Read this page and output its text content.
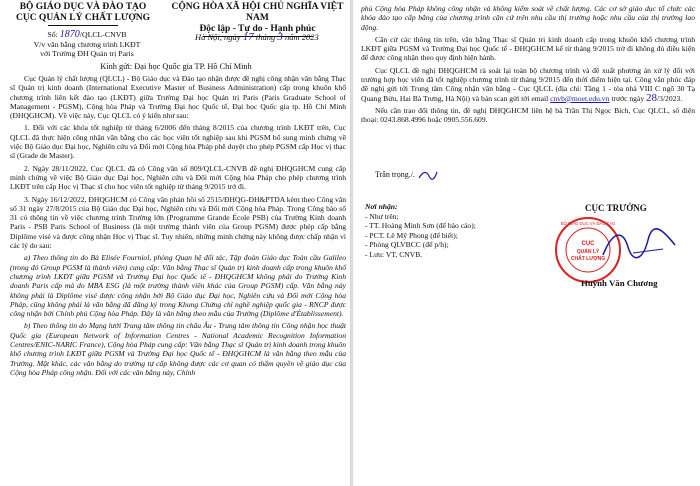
BỘ GIÁO DỤC VÀ ĐÀO TẠO
CỤC QUẢN LÝ CHẤT LƯỢNG
CỘNG HÒA XÃ HỘI CHỦ NGHĨA VIỆT NAM
Độc lập - Tự do - Hạnh phúc
Số: 1870/QLCL-CNVB
V/v văn bằng chương trình LKĐT
với Trường ĐH Quản trị Paris
Hà Nội, ngày 17 tháng 3 năm 2023
Kính gửi: Đại học Quốc gia TP. Hồ Chí Minh

Cục Quản lý chất lượng (QLCL) - Bộ Giáo dục và Đào tạo nhận được đề nghị công nhận văn bằng Thạc sĩ Quản trị kinh doanh (International Executive Master of Business Administration) cấp trong khuôn khổ chương trình liên kết đào tạo (LKĐT) giữa Trường Đại học Quản trị Paris (Paris Graduate School of Management - PGSM), Cộng hòa Pháp và Trường Đại học Quốc tế, Đại học Quốc gia tp. Hồ Chí Minh (ĐHQGHCM). Về việc này, Cục QLCL có ý kiến như sau:

1. Đối với các khóa tốt nghiệp từ tháng 6/2006 đến tháng 8/2015 của chương trình LKĐT trên, Cục QLCL đã thực hiện công nhận văn bằng cho các học viên tốt nghiệp sau khi PGSM bổ sung minh chứng về việc Bộ Giáo dục Đại học, Nghiên cứu và Đổi mới Cộng hòa Pháp phê duyệt cho phép PGSM cấp Học vị thạc sĩ (Grade de Master).

2. Ngày 28/11/2022, Cục QLCL đã có Công văn số 809/QLCL-CNVB đề nghị ĐHQGHCM cung cấp minh chứng về việc Bộ Giáo dục Đại học, Nghiên cứu và Đổi mới Cộng hòa Pháp cho phép chương trình LKĐT trên cấp Học vị Thạc sĩ cho học viên tốt nghiệp từ tháng 9/2015 trở đi.

3. Ngày 16/12/2022, ĐHQGHCM có Công văn phản hồi số 2515/ĐHQG-ĐH&PTDA kèm theo Công văn số 31 ngày 27/8/2015 của Bộ Giáo dục Đại học, Nghiên cứu và Đổi mới Cộng hòa Pháp. Trong Công báo số 31 có thông tin về việc chương trình Trường lớn (Programme Grande École PSB) của Trường Kinh doanh Paris - PSB Paris School of Business (là một trường thành viên của Group PGSM) được phép cấp bằng Diplôme visé và được công nhận Học vị Thạc sĩ. Tuy nhiên, những minh chứng này không được chấp nhận vì các lý do sau:

a) Theo thông tin do Bà Elisée Fourniol, phòng Quan hệ đối tác, Tập đoàn Giáo dục Toàn cầu Galileo (trong đó Group PGSM là thành viên) cung cấp: Văn bằng Thạc sĩ Quản trị kinh doanh cấp trong khuôn khổ chương trình LKĐT giữa PGSM và Trường Đại học Quốc tế - ĐHQGHCM không phải do Trường Kinh doanh Paris cấp mà do MBA ESG (là một trường thành viên khác của Group PGSM) cấp. Văn bằng này không phải là Diplôme visé được công nhận bởi Bộ Giáo dục Đại học, Nghiên cứu và Đổi mới Cộng hòa Pháp, cũng không phải là văn bằng đã đăng ký trong Khung Chứng chỉ nghề nghiệp quốc gia - RNCP được công nhận bởi Chính phủ Cộng hòa Pháp. Đây là văn bằng theo mẫu của Trường (Diplôme d'Établissement).

b) Theo thông tin do Mạng lưới Trung tâm thông tin châu Âu - Trung tâm thông tin Công nhận học thuật Quốc gia (European Network of Information Centres - National Academic Recognition Information Centres/ENIC-NARIC France), Cộng hòa Pháp cung cấp: Văn bằng Thạc sĩ Quản trị kinh doanh trong khuôn khổ chương trình LKĐT giữa PGSM và Trường Đại học Quốc tế - ĐHQGHCM là văn bằng theo mẫu của Trường. Mặt khác, các văn bằng do trường tự cấp không được các cơ quan có thẩm quyền về giáo dục của Cộng hòa Pháp công nhận. Đối với các văn bằng này, Chính

phủ Cộng hòa Pháp không công nhận và không kiểm soát về chất lượng. Các cơ sở giáo dục tổ chức các khóa đào tạo cấp bằng của chương trình căn cứ trên nhu cầu thị trường hoặc nhu cầu của thị trường lao động.

Căn cứ các thông tin trên, văn bằng Thạc sĩ Quản trị kinh doanh cấp trong khuôn khổ chương trình LKĐT giữa PGSM và Trường Đại học Quốc tế - ĐHQGHCM kể từ tháng 9/2015 trở đi không đủ điều kiện để được công nhận theo quy định hiện hành.

Cục QLCL đề nghị ĐHQGHCM rà soát lại toàn bộ chương trình và đề xuất phương án xử lý đối với trường hợp học viên đã tốt nghiệp chương trình từ tháng 9/2015 đến thời điểm hiện tại. Công văn phúc đáp đề nghị gửi tới Trung tâm Công nhận văn bằng - Cục QLCL (địa chỉ: Tầng 1 - tòa nhà VIII C ngõ 30 Tạ Quang Bửu, Hai Bà Trưng, Hà Nội) và bản scan gửi tới email cnvb@moet.edu.vn trước ngày 28/3/2023.

Nếu cần trao đổi thông tin, đề nghị ĐHQGHCM liên hệ bà Trần Thị Ngọc Bích, Cục QLCL, số điện thoại: 0243.868.4996 hoặc 0905.556.609.

Trân trọng./.
Nơi nhận:
- Như trên;
- TT. Hoàng Minh Sơn (để báo cáo);
- PCT. Lê Mỹ Phong (để biết);
- Phòng QLVBCC (để p/h);
- Lưu: VT, CNVB.
CỤC TRƯỞNG
CỤC
QUẢN LÝ
CHẤT LƯỢNG
BỘ GIÁO DỤC VÀ ĐÀO TẠO
Huỳnh Văn Chương
